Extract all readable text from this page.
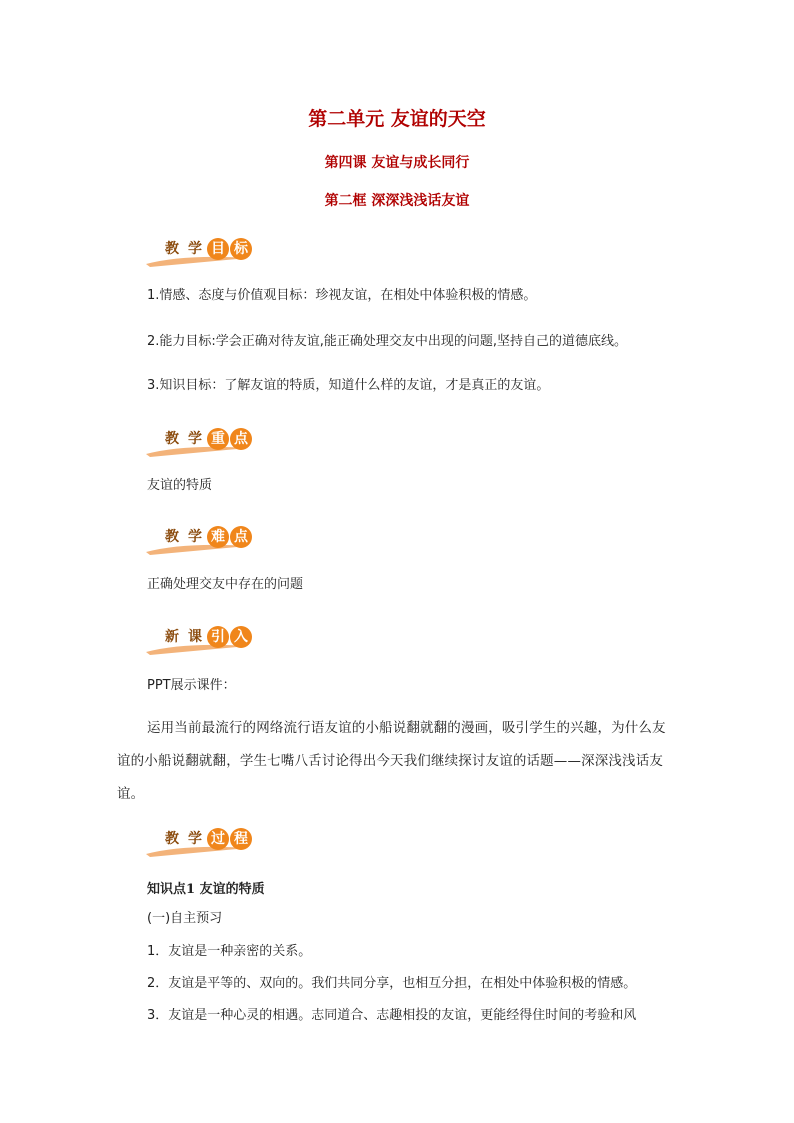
第二单元 友谊的天空
第四课 友谊与成长同行
第二框 深深浅浅话友谊
教 学 目 标
1.情感、态度与价值观目标：珍视友谊，在相处中体验积极的情感。
2.能力目标:学会正确对待友谊,能正确处理交友中出现的问题,坚持自己的道德底线。
3.知识目标：了解友谊的特质，知道什么样的友谊，才是真正的友谊。
教 学 重 点
友谊的特质
教 学 难 点
正确处理交友中存在的问题
新 课 引 入
PPT展示课件：
运用当前最流行的网络流行语友谊的小船说翻就翻的漫画，吸引学生的兴趣，为什么友谊的小船说翻就翻，学生七嘴八舌讨论得出今天我们继续探讨友谊的话题——深深浅浅话友谊。
教 学 过 程
知识点1 友谊的特质
(一)自主预习
1．友谊是一种亲密的关系。
2．友谊是平等的、双向的。我们共同分享，也相互分担，在相处中体验积极的情感。
3．友谊是一种心灵的相遇。志同道合、志趣相投的友谊，更能经得住时间的考验和风
